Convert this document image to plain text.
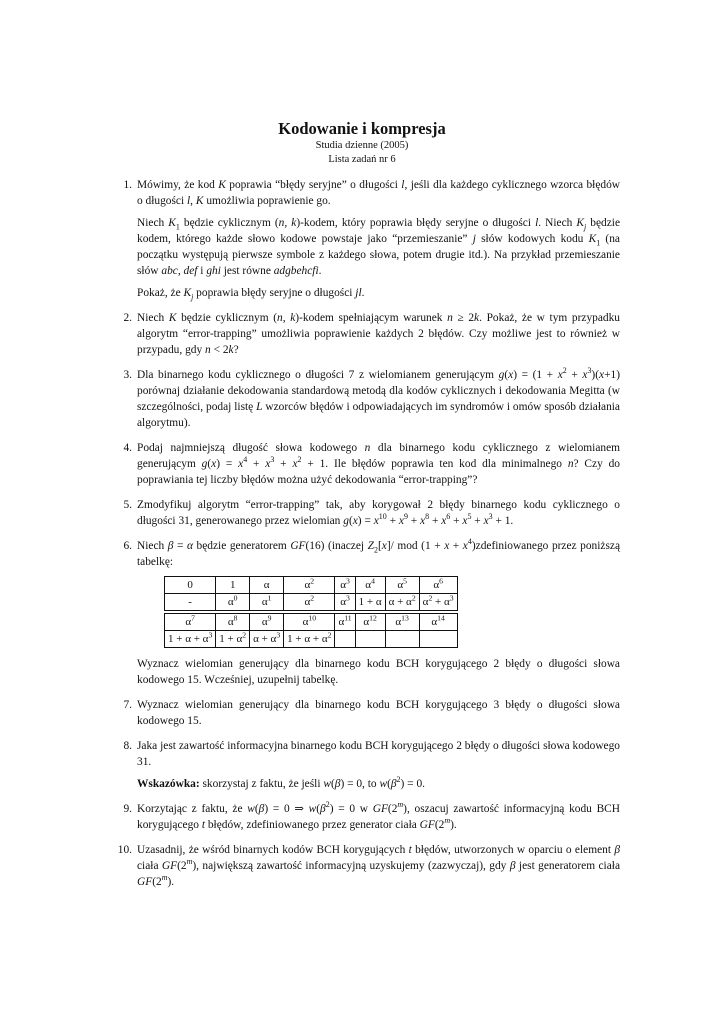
Kodowanie i kompresja
Studia dzienne (2005)
Lista zadań nr 6
1. Mówimy, że kod K poprawia “błędy seryjne” o długości l, jeśli dla każdego cyklicznego wzorca błędów o długości l, K umożliwia poprawienie go.

Niech $K_1$ będzie cyklicznym (n, k)-kodem, który poprawia błędy seryjne o długości l. Niech $K_j$ będzie kodem, którego każde słowo kodowe powstaje jako “przemieszanie” j słów kodowych kodu $K_1$ (na początku występują pierwsze symbole z każdego słowa, potem drugie itd.). Na przykład przemieszanie słów abc, def i ghi jest równe adgbehcfi.

Pokaż, że $K_j$ poprawia błędy seryjne o długości jl.

2. Niech K będzie cyklicznym (n, k)-kodem spełniającym warunek n ≥ 2k. Pokaż, że w tym przypadku algorytm “error-trapping” umożliwia poprawienie każdych 2 błędów. Czy możliwe jest to również w przypadu, gdy n < 2k?

3. Dla binarnego kodu cyklicznego o długości 7 z wielomianem generującym $g(x) = (1 + x^2 + x^3)(x+1)$ porównaj działanie dekodowania standardową metodą dla kodów cyklicznych i dekodowania Megitta (w szczególności, podaj listę L wzorców błędów i odpowiadających im syndromów i omów sposób działania algorytmu).

4. Podaj najmniejszą długość słowa kodowego n dla binarnego kodu cyklicznego z wielomianem generującym $g(x) = x^4 + x^3 + x^2 + 1$. Ile błędów poprawia ten kod dla minimalnego n? Czy do poprawiania tej liczby błędów można użyć dekodowania “error-trapping”?

5. Zmodyfikuj algorytm “error-trapping” tak, aby korygował 2 błędy binarnego kodu cyklicznego o długości 31, generowanego przez wielomian $g(x) = x^{10} + x^9 + x^8 + x^6 + x^5 + x^3 + 1$.

6. Niech β = α będzie generatorem GF(16) (inaczej $Z_2[x]/$ mod $(1 + x + x^4)zdefiniowanego$ przez poniższą tabelkę:

0	1	α	$\alpha^2$	$\alpha^3$	$\alpha^4$	$\alpha^5$	$\alpha^6$
-	$\alpha^0$	$\alpha^1$	$\alpha^2$	$\alpha^3$	1 + α	$\alpha + \alpha^2$	$\alpha^2 + \alpha^3$

$\alpha^7$	$\alpha^8$	$\alpha^9$	$\alpha^{10}$	$\alpha^{11}$	$\alpha^{12}$	$\alpha^{13}$	$\alpha^{14}$
$1 + \alpha + \alpha^3$	$1 + \alpha^2$	$\alpha + \alpha^3$	$1 + \alpha + \alpha^2$				

Wyznacz wielomian generujący dla binarnego kodu BCH korygującego 2 błędy o długości słowa kodowego 15. Wcześniej, uzupełnij tabelkę.

7. Wyznacz wielomian generujący dla binarnego kodu BCH korygującego 3 błędy o długości słowa kodowego 15.

8. Jaka jest zawartość informacyjna binarnego kodu BCH korygującego 2 błędy o długości słowa kodowego 31.

Wskazówka: skorzystaj z faktu, że jeśli w(β) = 0, to $w(\beta^2) = 0$.

9. Korzytając z faktu, że w(β) = 0 ⇒ $w(\beta^2) = 0$ w GF(2$^m$), oszacuj zawartość informacyjną kodu BCH korygującego t błędów, zdefiniowanego przez generator ciała GF(2$^m$).

10. Uzasadnij, że wśród binarnych kodów BCH korygujących t błędów, utworzonych w oparciu o element β ciała GF(2$^m$), największą zawartość informacyjną uzyskujemy (zazwyczaj), gdy β jest generatorem ciała GF(2$^m$).
